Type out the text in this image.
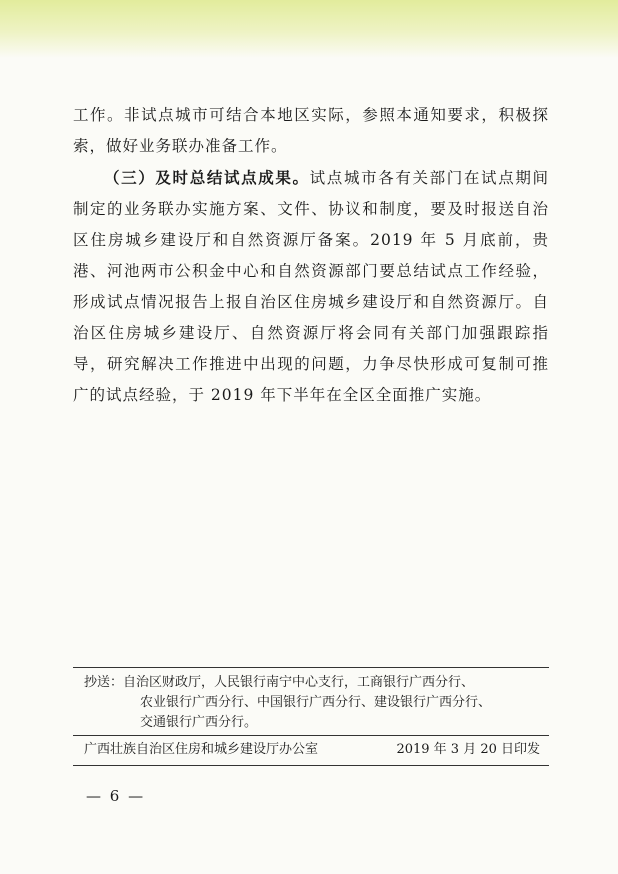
工作。非试点城市可结合本地区实际，参照本通知要求，积极探索，做好业务联办准备工作。

（三）及时总结试点成果。试点城市各有关部门在试点期间制定的业务联办实施方案、文件、协议和制度，要及时报送自治区住房城乡建设厅和自然资源厅备案。2019 年 5 月底前，贵港、河池两市公积金中心和自然资源部门要总结试点工作经验，形成试点情况报告上报自治区住房城乡建设厅和自然资源厅。自治区住房城乡建设厅、自然资源厅将会同有关部门加强跟踪指导，研究解决工作推进中出现的问题，力争尽快形成可复制可推广的试点经验，于 2019 年下半年在全区全面推广实施。

抄送：自治区财政厅，人民银行南宁中心支行，工商银行广西分行、
农业银行广西分行、中国银行广西分行、建设银行广西分行、
交通银行广西分行。
广西壮族自治区住房和城乡建设厅办公室	2019 年 3 月 20 日印发
— 6 —
